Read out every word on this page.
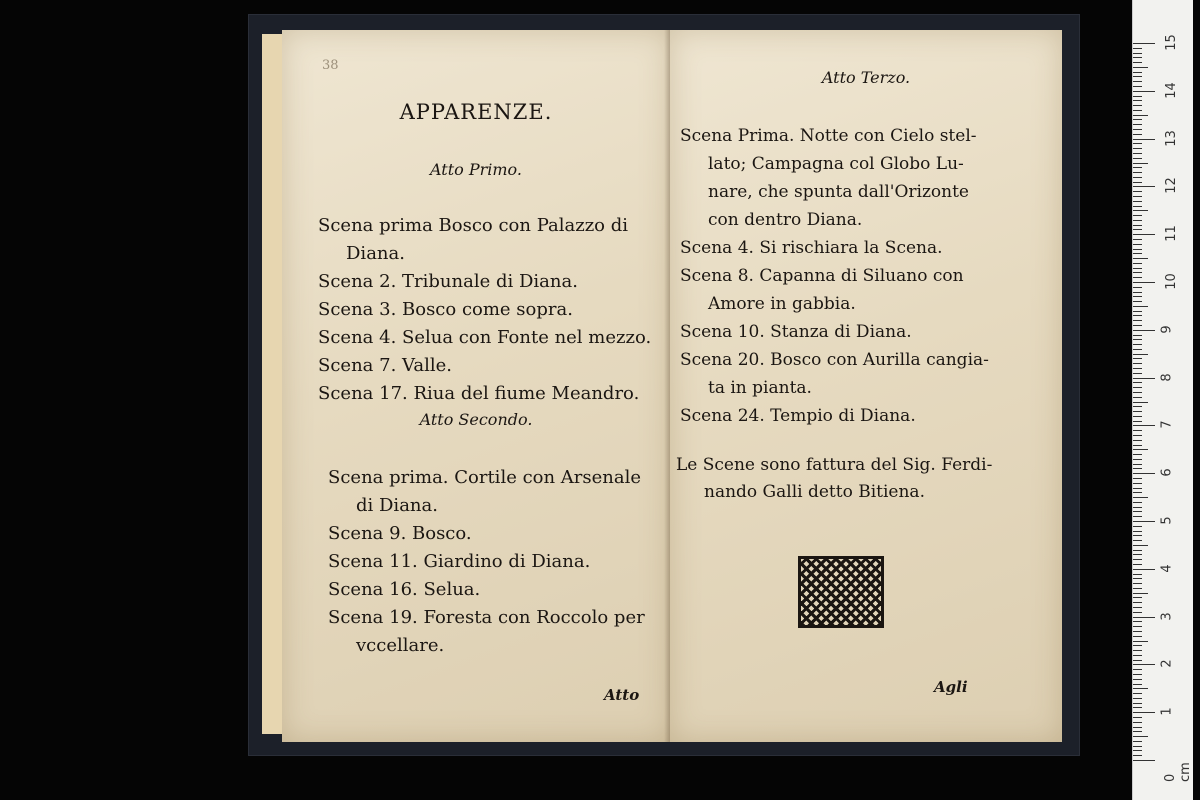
38
APPARENZE.
Atto Primo.
Scena prima Bosco con Palazzo di
Diana.
Scena 2. Tribunale di Diana.
Scena 3. Bosco come sopra.
Scena 4. Selua con Fonte nel mezzo.
Scena 7. Valle.
Scena 17. Riua del fiume Meandro.
Atto Secondo.
Scena prima. Cortile con Arsenale
di Diana.
Scena 9. Bosco.
Scena 11. Giardino di Diana.
Scena 16. Selua.
Scena 19. Foresta con Roccolo per
vccellare.
Atto
Atto Terzo.
Scena Prima. Notte con Cielo stel-
lato; Campagna col Globo Lu-
nare, che spunta dall'Orizonte
con dentro Diana.
Scena 4. Si rischiara la Scena.
Scena 8. Capanna di Siluano con
Amore in gabbia.
Scena 10. Stanza di Diana.
Scena 20. Bosco con Aurilla cangia-
ta in pianta.
Scena 24. Tempio di Diana.
Le Scene sono fattura del Sig. Ferdi-
nando Galli detto Bitiena.
Agli
0 cm
1
2
3
4
5
6
7
8
9
10
11
12
13
14
15
